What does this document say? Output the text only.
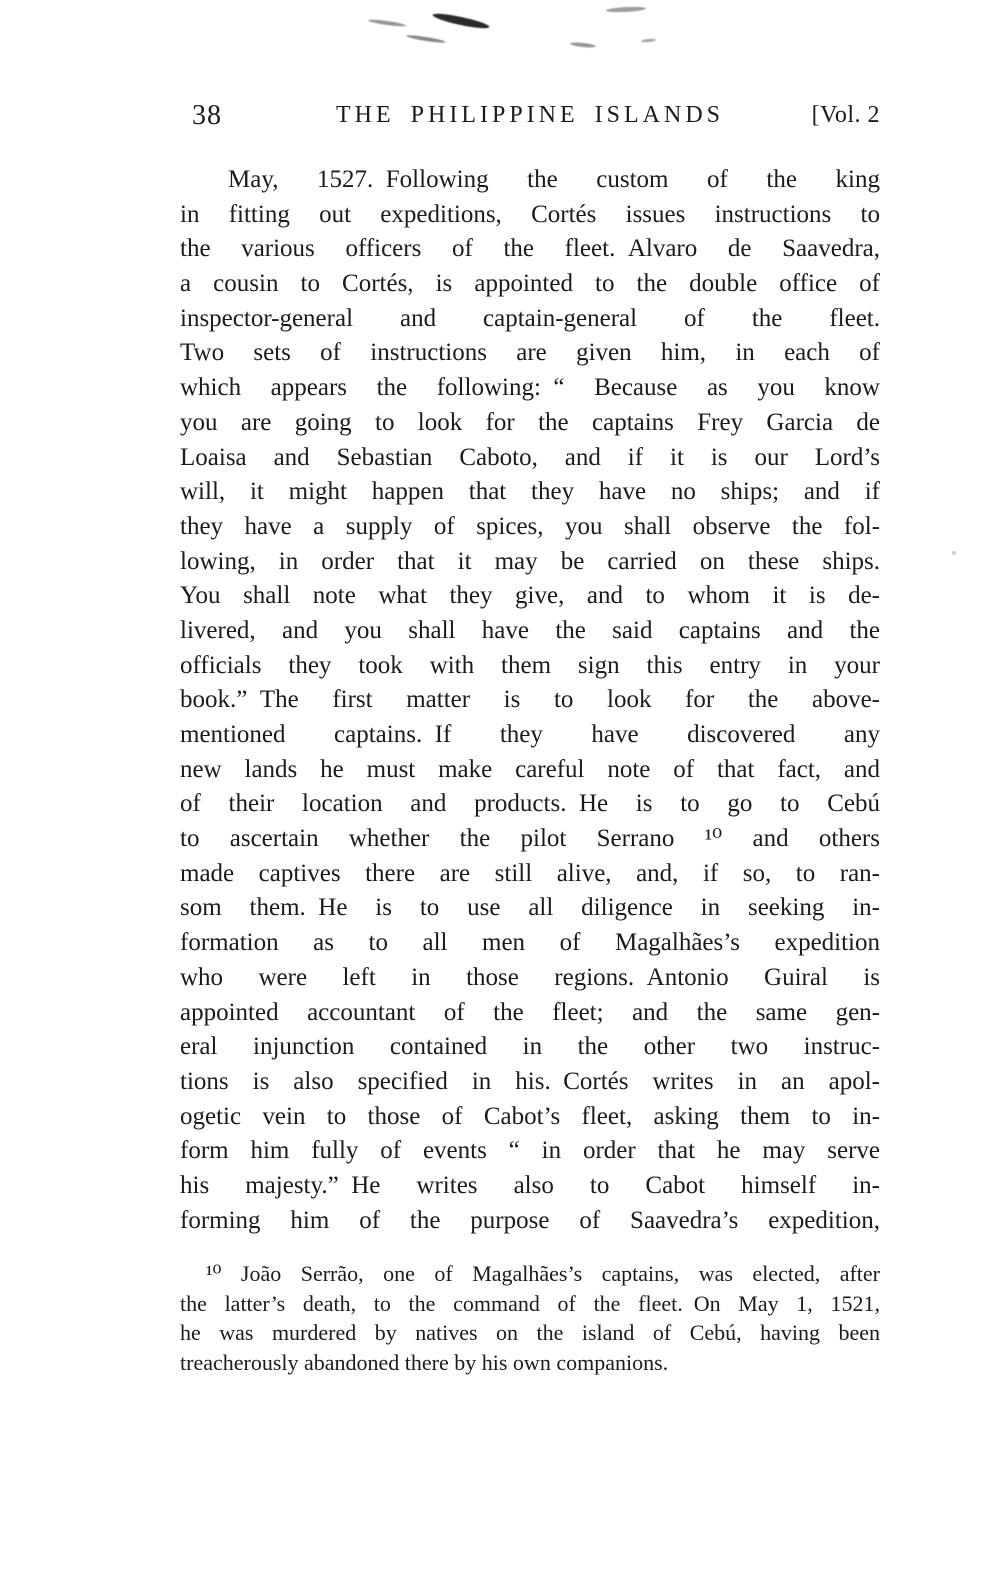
38	THE PHILIPPINE ISLANDS	[Vol. 2
May, 1527. Following the custom of the king
in fitting out expeditions, Cortés issues instructions to
the various officers of the fleet. Alvaro de Saavedra,
a cousin to Cortés, is appointed to the double office of
inspector-general and captain-general of the fleet.
Two sets of instructions are given him, in each of
which appears the following: “ Because as you know
you are going to look for the captains Frey Garcia de
Loaisa and Sebastian Caboto, and if it is our Lord’s
will, it might happen that they have no ships; and if
they have a supply of spices, you shall observe the fol-
lowing, in order that it may be carried on these ships.
You shall note what they give, and to whom it is de-
livered, and you shall have the said captains and the
officials they took with them sign this entry in your
book.” The first matter is to look for the above-
mentioned captains. If they have discovered any
new lands he must make careful note of that fact, and
of their location and products. He is to go to Cebú
to ascertain whether the pilot Serrano ¹⁰ and others
made captives there are still alive, and, if so, to ran-
som them. He is to use all diligence in seeking in-
formation as to all men of Magalhães’s expedition
who were left in those regions. Antonio Guiral is
appointed accountant of the fleet; and the same gen-
eral injunction contained in the other two instruc-
tions is also specified in his. Cortés writes in an apol-
ogetic vein to those of Cabot’s fleet, asking them to in-
form him fully of events “ in order that he may serve
his majesty.” He writes also to Cabot himself in-
forming him of the purpose of Saavedra’s expedition,
¹⁰ João Serrão, one of Magalhães’s captains, was elected, after
the latter’s death, to the command of the fleet. On May 1, 1521,
he was murdered by natives on the island of Cebú, having been
treacherously abandoned there by his own companions.
